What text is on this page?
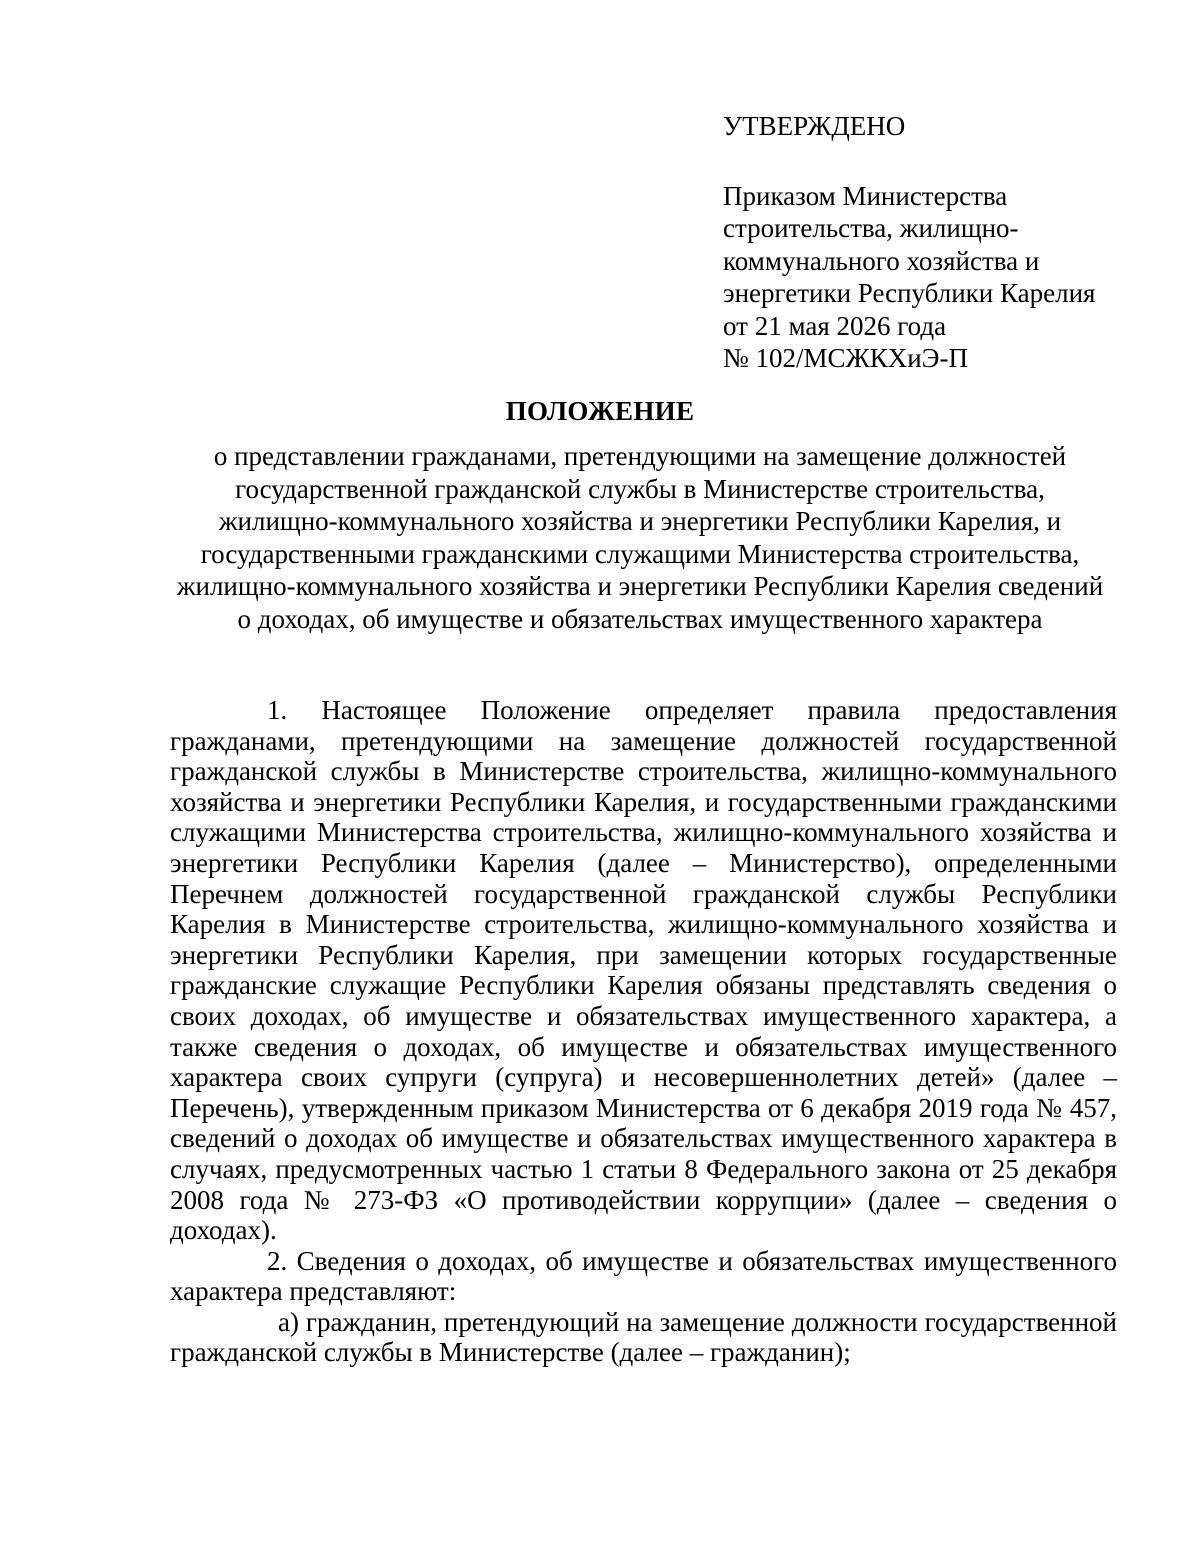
УТВЕРЖДЕНО

Приказом Министерства
строительства, жилищно-
коммунального хозяйства и
энергетики Республики Карелия
от 21 мая 2026 года
№ 102/МСЖКХиЭ-П

ПОЛОЖЕНИЕ
о представлении гражданами, претендующими на замещение должностей
государственной гражданской службы в Министерстве строительства,
жилищно-коммунального хозяйства и энергетики Республики Карелия, и
государственными гражданскими служащими Министерства строительства,
жилищно-коммунального хозяйства и энергетики Республики Карелия сведений
о доходах, об имуществе и обязательствах имущественного характера

1. Настоящее Положение определяет правила предоставления гражданами, претендующими на замещение должностей государственной гражданской службы в Министерстве строительства, жилищно-коммунального хозяйства и энергетики Республики Карелия, и государственными гражданскими служащими Министерства строительства, жилищно-коммунального хозяйства и энергетики Республики Карелия (далее – Министерство), определенными Перечнем должностей государственной гражданской службы Республики Карелия в Министерстве строительства, жилищно-коммунального хозяйства и энергетики Республики Карелия, при замещении которых государственные гражданские служащие Республики Карелия обязаны представлять сведения о своих доходах, об имуществе и обязательствах имущественного характера, а также сведения о доходах, об имуществе и обязательствах имущественного характера своих супруги (супруга) и несовершеннолетних детей» (далее – Перечень), утвержденным приказом Министерства от 6 декабря 2019 года № 457, сведений о доходах об имуществе и обязательствах имущественного характера в случаях, предусмотренных частью 1 статьи 8 Федерального закона от 25 декабря 2008 года № 273-ФЗ «О противодействии коррупции» (далее – сведения о доходах).

2. Сведения о доходах, об имуществе и обязательствах имущественного характера представляют:

а) гражданин, претендующий на замещение должности государственной гражданской службы в Министерстве (далее – гражданин);
